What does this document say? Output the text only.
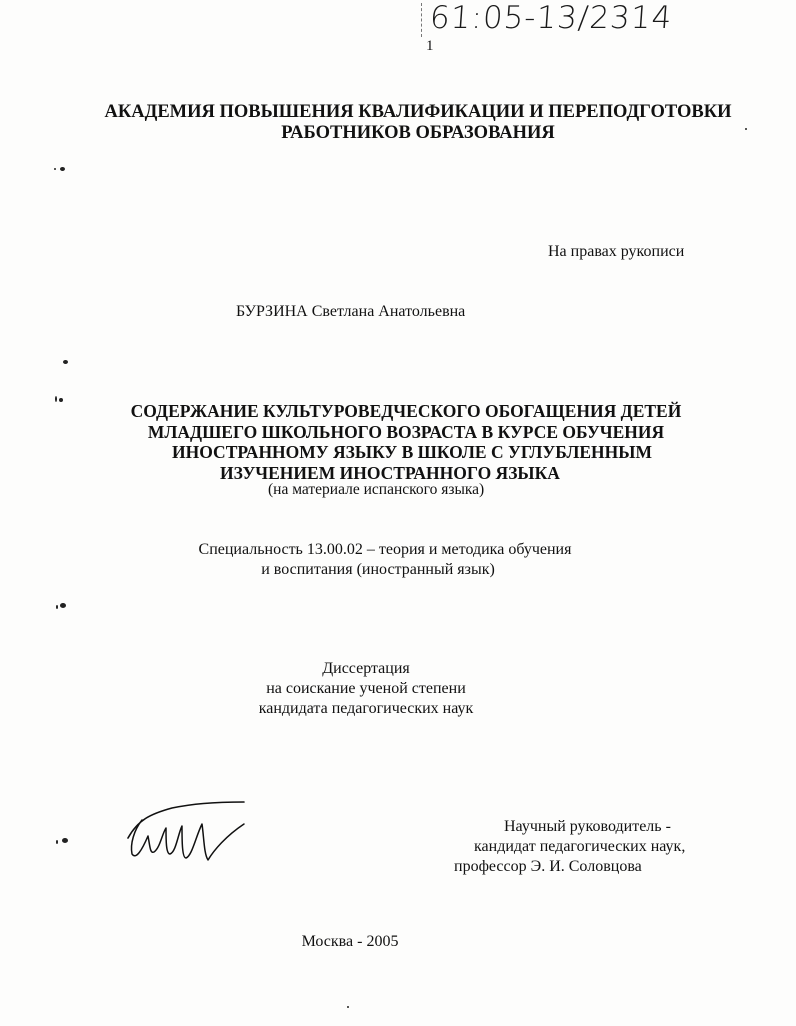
61:05-13/2314
1
АКАДЕМИЯ ПОВЫШЕНИЯ КВАЛИФИКАЦИИ И ПЕРЕПОДГОТОВКИ
РАБОТНИКОВ ОБРАЗОВАНИЯ
На правах рукописи
БУРЗИНА Светлана Анатольевна
СОДЕРЖАНИЕ КУЛЬТУРОВЕДЧЕСКОГО ОБОГАЩЕНИЯ ДЕТЕЙ
МЛАДШЕГО ШКОЛЬНОГО ВОЗРАСТА В КУРСЕ ОБУЧЕНИЯ
ИНОСТРАННОМУ ЯЗЫКУ В ШКОЛЕ С УГЛУБЛЕННЫМ
ИЗУЧЕНИЕМ ИНОСТРАННОГО ЯЗЫКА
(на материале испанского языка)
Специальность 13.00.02 – теория и методика обучения
и воспитания (иностранный язык)
Диссертация
на соискание ученой степени
кандидата педагогических наук
Научный руководитель -
кандидат педагогических наук,
профессор Э. И. Соловцова
Москва - 2005
